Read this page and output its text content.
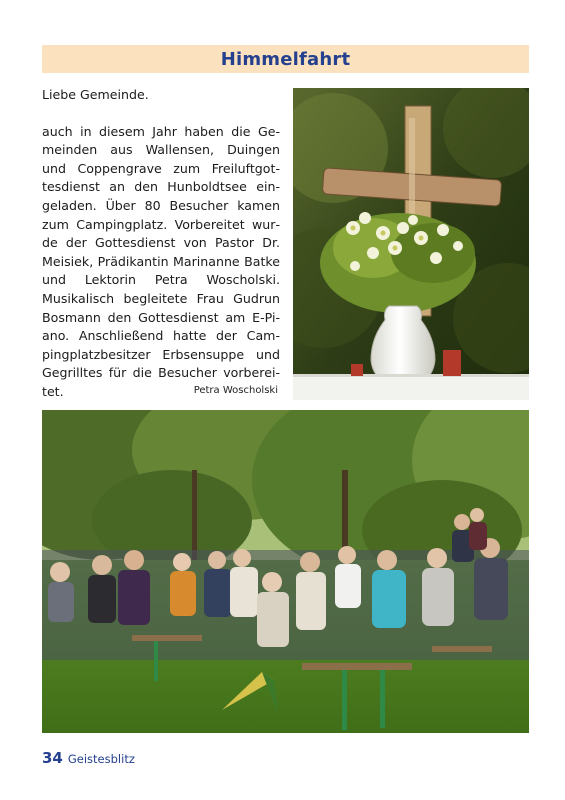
Himmelfahrt

Liebe Gemeinde.

auch in diesem Jahr haben die Gemeinden aus Wallensen, Duingen und Coppengrave zum Freiluftgottesdienst an den Hunboldtsee eingeladen. Über 80 Besucher kamen zum Campingplatz. Vorbereitet wurde der Gottesdienst von Pastor Dr. Meisiek, Prädikantin Marinanne Batke und Lektorin Petra Woscholski. Musikalisch begleitete Frau Gudrun Bosmann den Gottesdienst am E-Piano. Anschließend hatte der Campingplatzbesitzer Erbsensuppe und Gegrilltes für die Besucher vorbereitet.	Petra Woscholski
34 Geistesblitz
